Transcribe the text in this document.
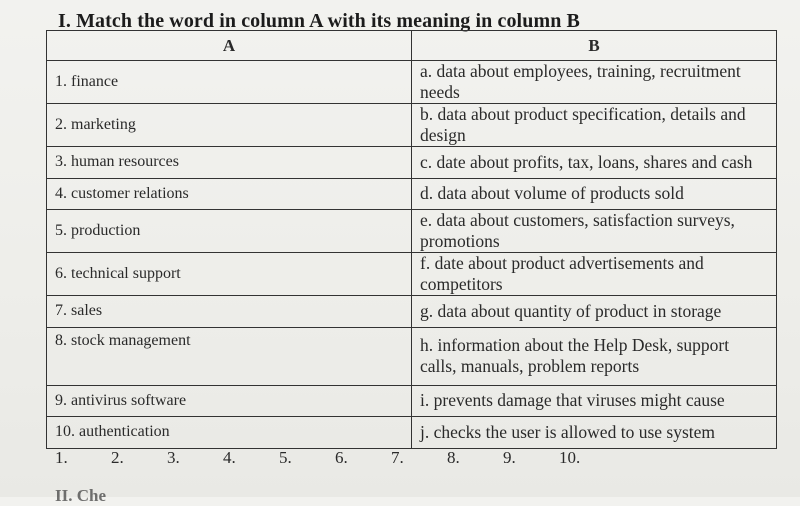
I. Match the word in column A with its meaning in column B
A	B
1. finance	a. data about employees, training, recruitment needs
2. marketing	b. data about product specification, details and design
3. human resources	c. date about profits, tax, loans, shares and cash
4. customer relations	d. data about volume of products sold
5. production	e. data about customers, satisfaction surveys, promotions
6. technical support	f. date about product advertisements and competitors
7. sales	g. data about quantity of product in storage
8. stock management	h. information about the Help Desk, support calls, manuals, problem reports
9. antivirus software	i. prevents damage that viruses might cause
10. authentication	j. checks the user is allowed to use system
1.	2.	3.	4.	5.	6.	7.	8.	9.	10.
II. Che
